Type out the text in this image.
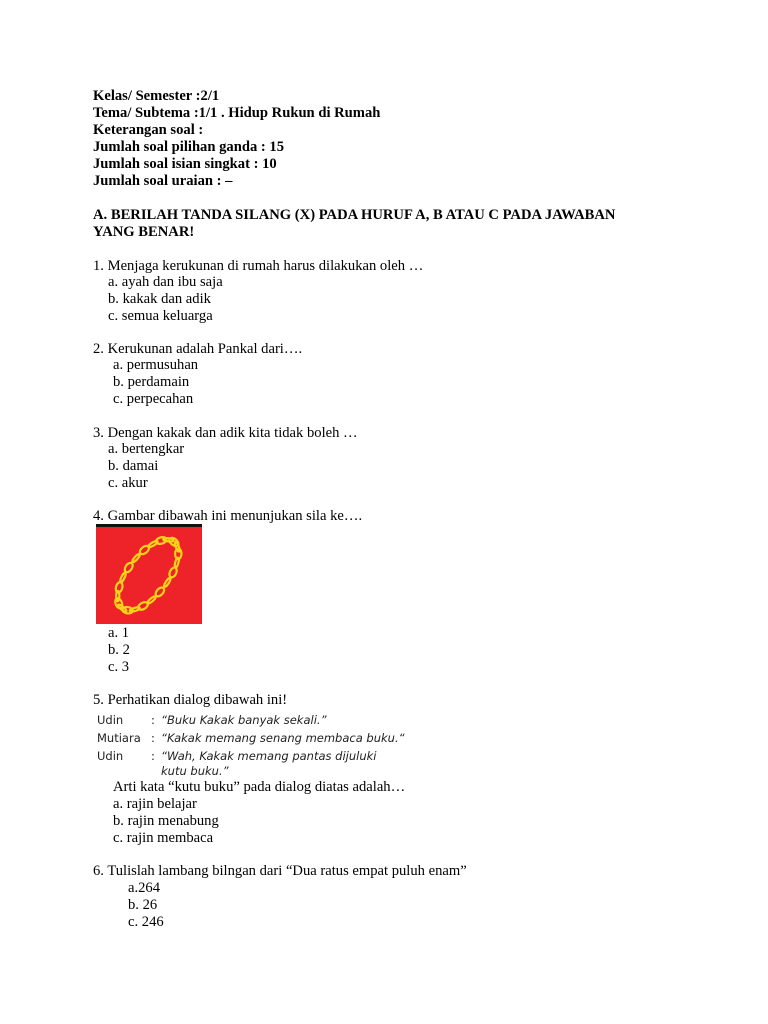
Kelas/ Semester :2/1
Tema/ Subtema :1/1 . Hidup Rukun di Rumah
Keterangan soal :
Jumlah soal pilihan ganda : 15
Jumlah soal isian singkat : 10
Jumlah soal uraian : –
A. BERILAH TANDA SILANG (X) PADA HURUF A, B ATAU C PADA JAWABAN
YANG BENAR!
1. Menjaga kerukunan di rumah harus dilakukan oleh …
a. ayah dan ibu saja
b. kakak dan adik
c. semua keluarga
2. Kerukunan adalah Pankal dari….
a. permusuhan
b. perdamain
c. perpecahan
3. Dengan kakak dan adik kita tidak boleh …
a. bertengkar
b. damai
c. akur
4. Gambar dibawah ini menunjukan sila ke….
a. 1
b. 2
c. 3
5. Perhatikan dialog dibawah ini!
Udin : “Buku Kakak banyak sekali.”
Mutiara : “Kakak memang senang membaca buku.“
Udin : “Wah, Kakak memang pantas dijuluki
kutu buku.”
Arti kata “kutu buku” pada dialog diatas adalah…
a. rajin belajar
b. rajin menabung
c. rajin membaca
6. Tulislah lambang bilngan dari “Dua ratus empat puluh enam”
a.264
b. 26
c. 246
